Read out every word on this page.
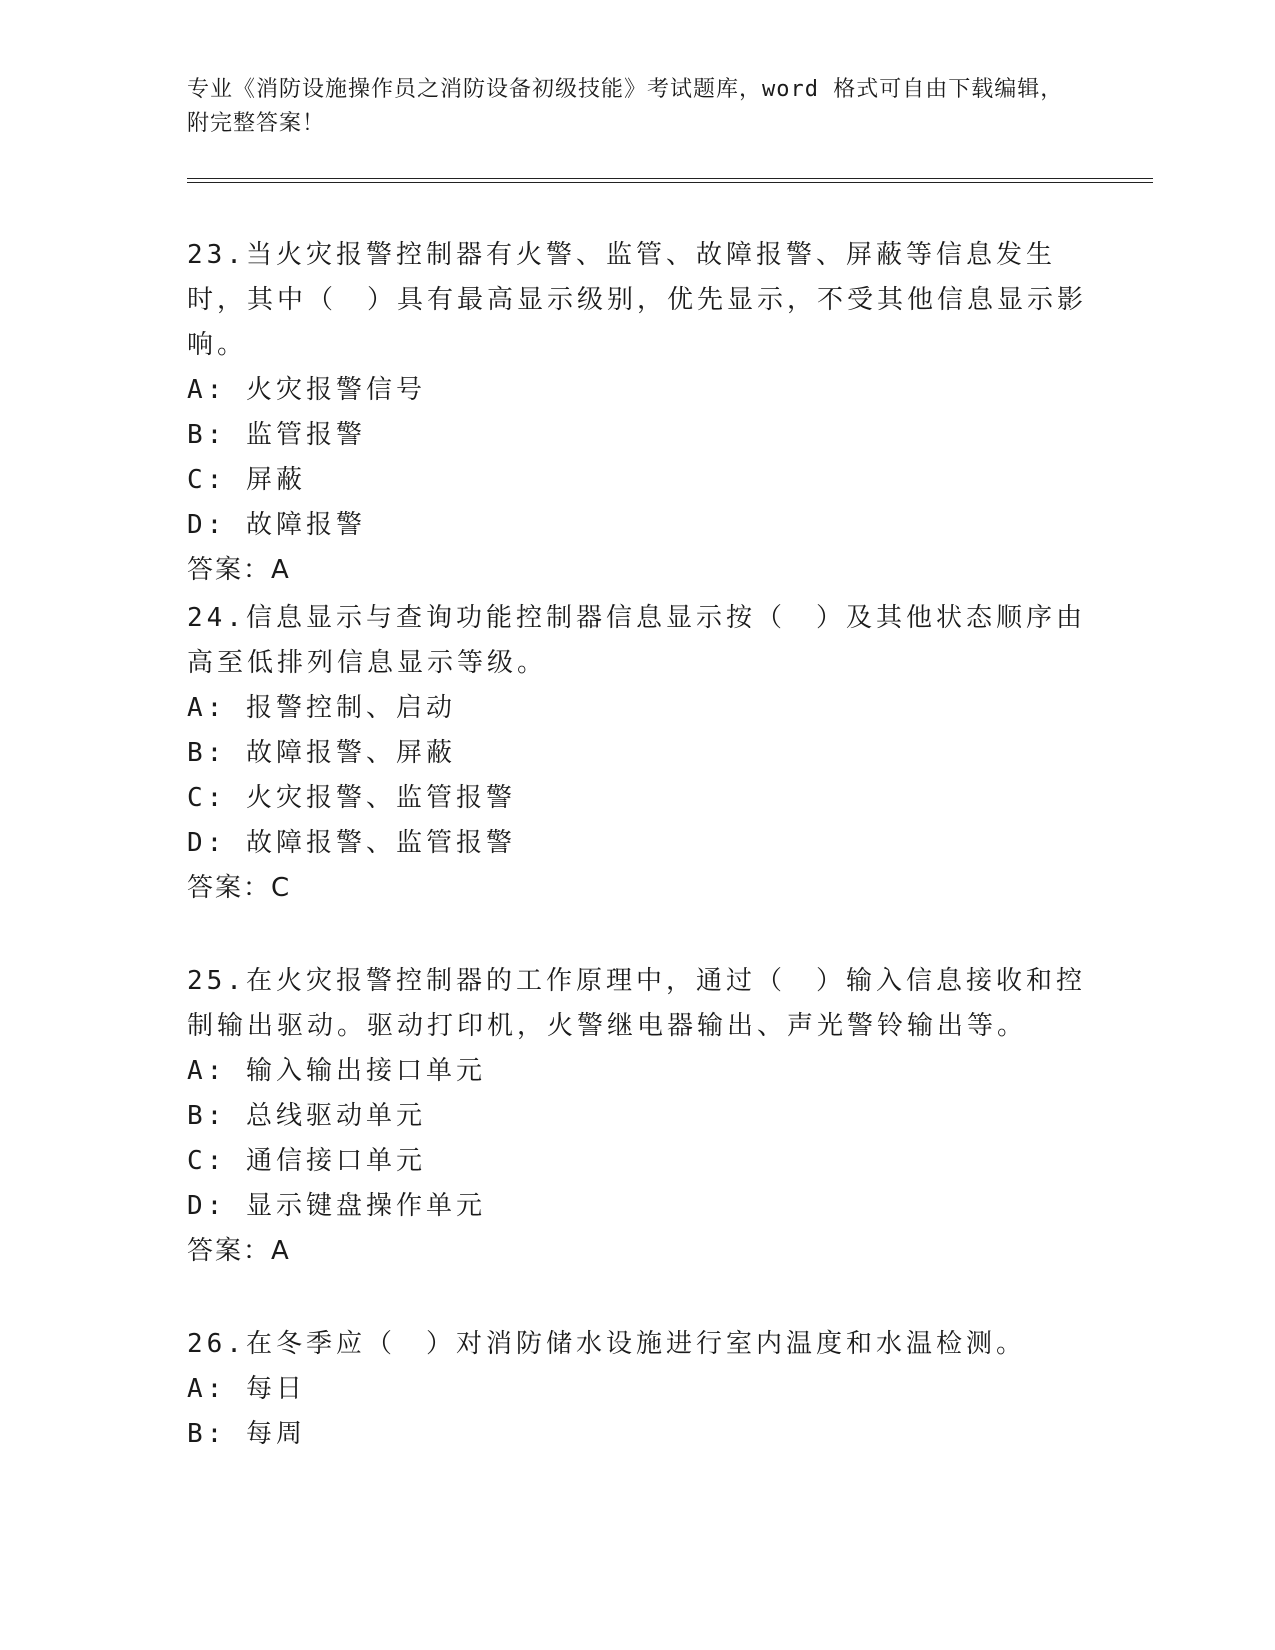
专业《消防设施操作员之消防设备初级技能》考试题库，word 格式可自由下载编辑，附完整答案！
23.当火灾报警控制器有火警、监管、故障报警、屏蔽等信息发生时，其中（　）具有最高显示级别，优先显示，不受其他信息显示影响。
A: 火灾报警信号
B: 监管报警
C: 屏蔽
D: 故障报警
答案：A
24.信息显示与查询功能控制器信息显示按（　）及其他状态顺序由高至低排列信息显示等级。
A: 报警控制、启动
B: 故障报警、屏蔽
C: 火灾报警、监管报警
D: 故障报警、监管报警
答案：C
25.在火灾报警控制器的工作原理中，通过（　）输入信息接收和控制输出驱动。驱动打印机，火警继电器输出、声光警铃输出等。
A: 输入输出接口单元
B: 总线驱动单元
C: 通信接口单元
D: 显示键盘操作单元
答案：A
26.在冬季应（　）对消防储水设施进行室内温度和水温检测。
A: 每日
B: 每周
